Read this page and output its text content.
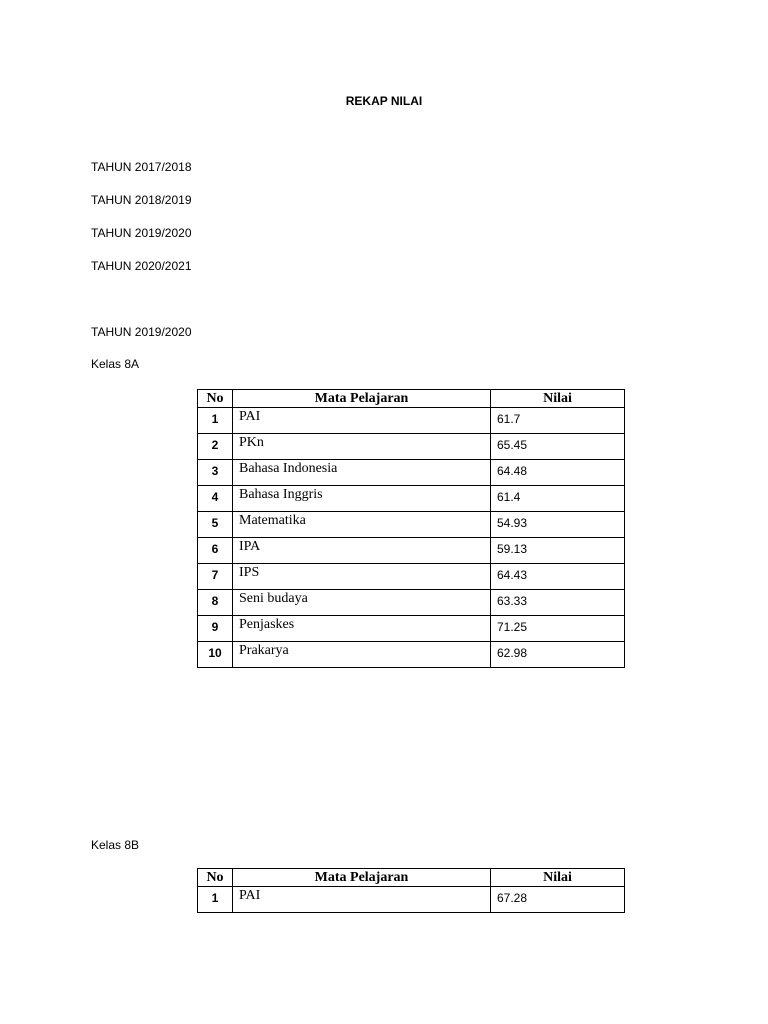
REKAP NILAI
TAHUN 2017/2018
TAHUN 2018/2019
TAHUN 2019/2020
TAHUN 2020/2021
TAHUN 2019/2020
Kelas 8A
No	Mata Pelajaran	Nilai
1	PAI	61.7
2	PKn	65.45
3	Bahasa Indonesia	64.48
4	Bahasa Inggris	61.4
5	Matematika	54.93
6	IPA	59.13
7	IPS	64.43
8	Seni budaya	63.33
9	Penjaskes	71.25
10	Prakarya	62.98
Kelas 8B
No	Mata Pelajaran	Nilai
1	PAI	67.28
